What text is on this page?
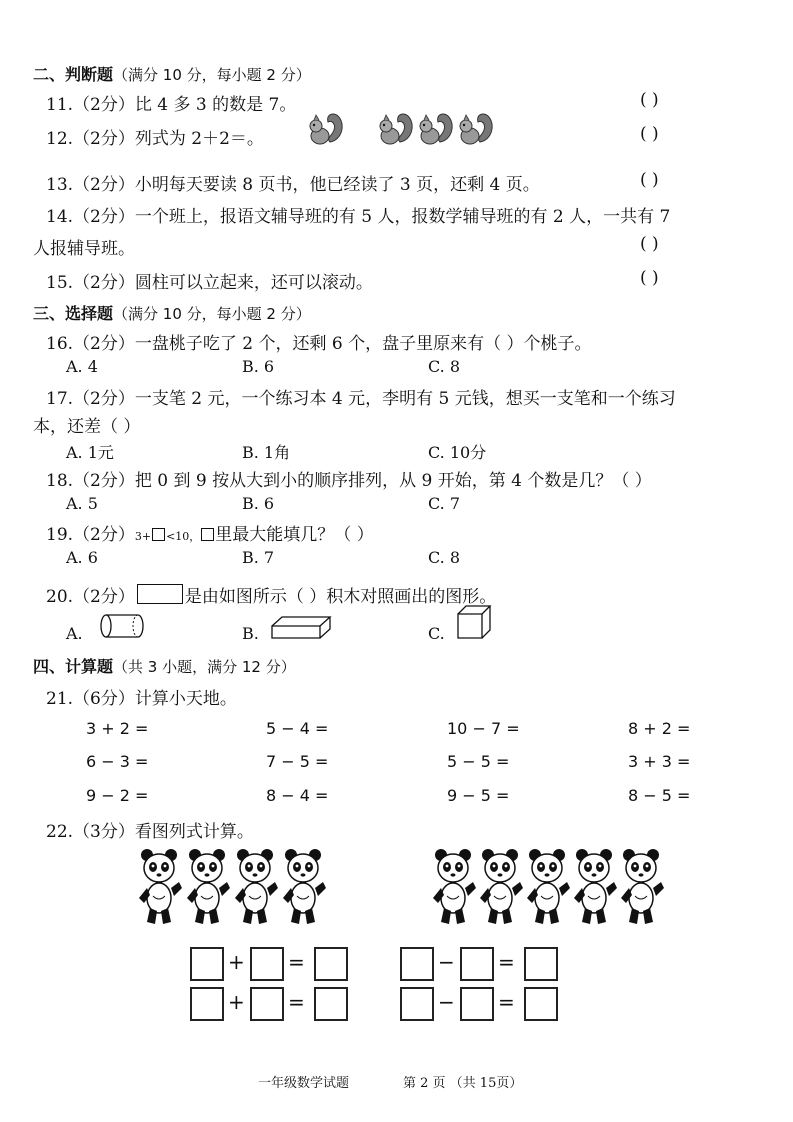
二、判断题（满分 10 分，每小题 2 分）
11.（2分）比 4 多 3 的数是 7。	( )
12.（2分）列式为 2＋2＝。	( )
13.（2分）小明每天要读 8 页书，他已经读了 3 页，还剩 4 页。	( )
14.（2分）一个班上，报语文辅导班的有 5 人，报数学辅导班的有 2 人，一共有 7
人报辅导班。	( )
15.（2分）圆柱可以立起来，还可以滚动。	( )
三、选择题（满分 10 分，每小题 2 分）
16.（2分）一盘桃子吃了 2 个，还剩 6 个，盘子里原来有（ ）个桃子。
A. 4	B. 6	C. 8
17.（2分）一支笔 2 元，一个练习本 4 元，李明有 5 元钱，想买一支笔和一个练习
本，还差（ ）
A. 1元	B. 1角	C. 10分
18.（2分）把 0 到 9 按从大到小的顺序排列，从 9 开始，第 4 个数是几？（ ）
A. 5	B. 6	C. 7
19.（2分）3+ <10， 里最大能填几？（ ）
A. 6	B. 7	C. 8
20.（2分）	是由如图所示（ ）积木对照画出的图形。
A.	B.	C.
四、计算题（共 3 小题，满分 12 分）
21.（6分）计算小天地。
3 + 2 =	5 − 4 =	10 − 7 =	8 + 2 =
6 − 3 =	7 − 5 =	5 − 5 =	3 + 3 =
9 − 2 =	8 − 4 =	9 − 5 =	8 − 5 =
22.（3分）看图列式计算。
+ =	− =
+ =	− =
一年级数学试题	第 2 页 （共 15页）
